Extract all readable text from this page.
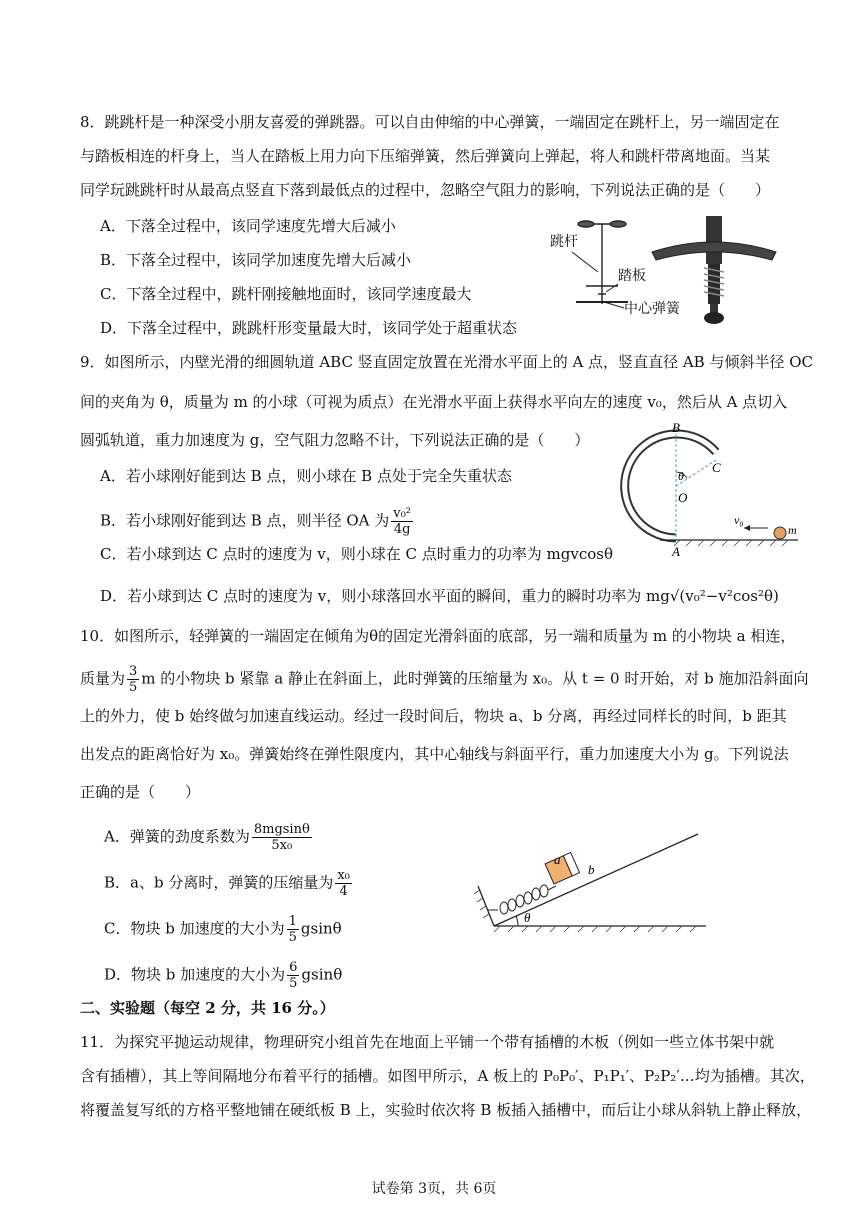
8．跳跳杆是一种深受小朋友喜爱的弹跳器。可以自由伸缩的中心弹簧，一端固定在跳杆上，另一端固定在
与踏板相连的杆身上，当人在踏板上用力向下压缩弹簧，然后弹簧向上弹起，将人和跳杆带离地面。当某
同学玩跳跳杆时从最高点竖直下落到最低点的过程中，忽略空气阻力的影响，下列说法正确的是（　　）
A．下落全过程中，该同学速度先增大后减小
B．下落全过程中，该同学加速度先增大后减小
C．下落全过程中，跳杆刚接触地面时，该同学速度最大
D．下落全过程中，跳跳杆形变量最大时，该同学处于超重状态
跳杆
踏板
中心弹簧
9．如图所示，内壁光滑的细圆轨道 ABC 竖直固定放置在光滑水平面上的 A 点，竖直直径 AB 与倾斜半径 OC
间的夹角为 θ，质量为 m 的小球（可视为质点）在光滑水平面上获得水平向左的速度 v₀，然后从 A 点切入
圆弧轨道，重力加速度为 g，空气阻力忽略不计，下列说法正确的是（　　）
A．若小球刚好能到达 B 点，则小球在 B 点处于完全失重状态
B．若小球刚好能到达 B 点，则半径 OA 为 $\frac{\text{v₀²}}{4g}$
C．若小球到达 C 点时的速度为 v，则小球在 C 点时重力的功率为 mgvcosθ
D．若小球到达 C 点时的速度为 v，则小球落回水平面的瞬间，重力的瞬时功率为 mg√(v₀²−v²cos²θ)
B
C
θ
O
A
v₀
m
10．如图所示，轻弹簧的一端固定在倾角为θ的固定光滑斜面的底部，另一端和质量为 m 的小物块 a 相连，
质量为 $\frac{3}{5}$ m 的小物块 b 紧靠 a 静止在斜面上，此时弹簧的压缩量为 x₀。从 t = 0 时开始，对 b 施加沿斜面向
上的外力，使 b 始终做匀加速直线运动。经过一段时间后，物块 a、b 分离，再经过同样长的时间，b 距其
出发点的距离恰好为 x₀。弹簧始终在弹性限度内，其中心轴线与斜面平行，重力加速度大小为 g。下列说法
正确的是（　　）
A．弹簧的劲度系数为 $\frac{8mgsin\theta}{\text{5x₀}}$
B．a、b 分离时，弹簧的压缩量为 $\frac{\text{x₀}}{4}$
C．物块 b 加速度的大小为 $\frac{1}{5}$ gsinθ
D．物块 b 加速度的大小为 $\frac{6}{5}$ gsinθ
θ
a
b
二、实验题（每空 2 分，共 16 分。）
11．为探究平抛运动规律，物理研究小组首先在地面上平铺一个带有插槽的木板（例如一些立体书架中就
含有插槽），其上等间隔地分布着平行的插槽。如图甲所示，A 板上的 P₀P₀′、P₁P₁′、P₂P₂′…均为插槽。其次，
将覆盖复写纸的方格平整地铺在硬纸板 B 上，实验时依次将 B 板插入插槽中，而后让小球从斜轨上静止释放，
试卷第 3页，共 6页
